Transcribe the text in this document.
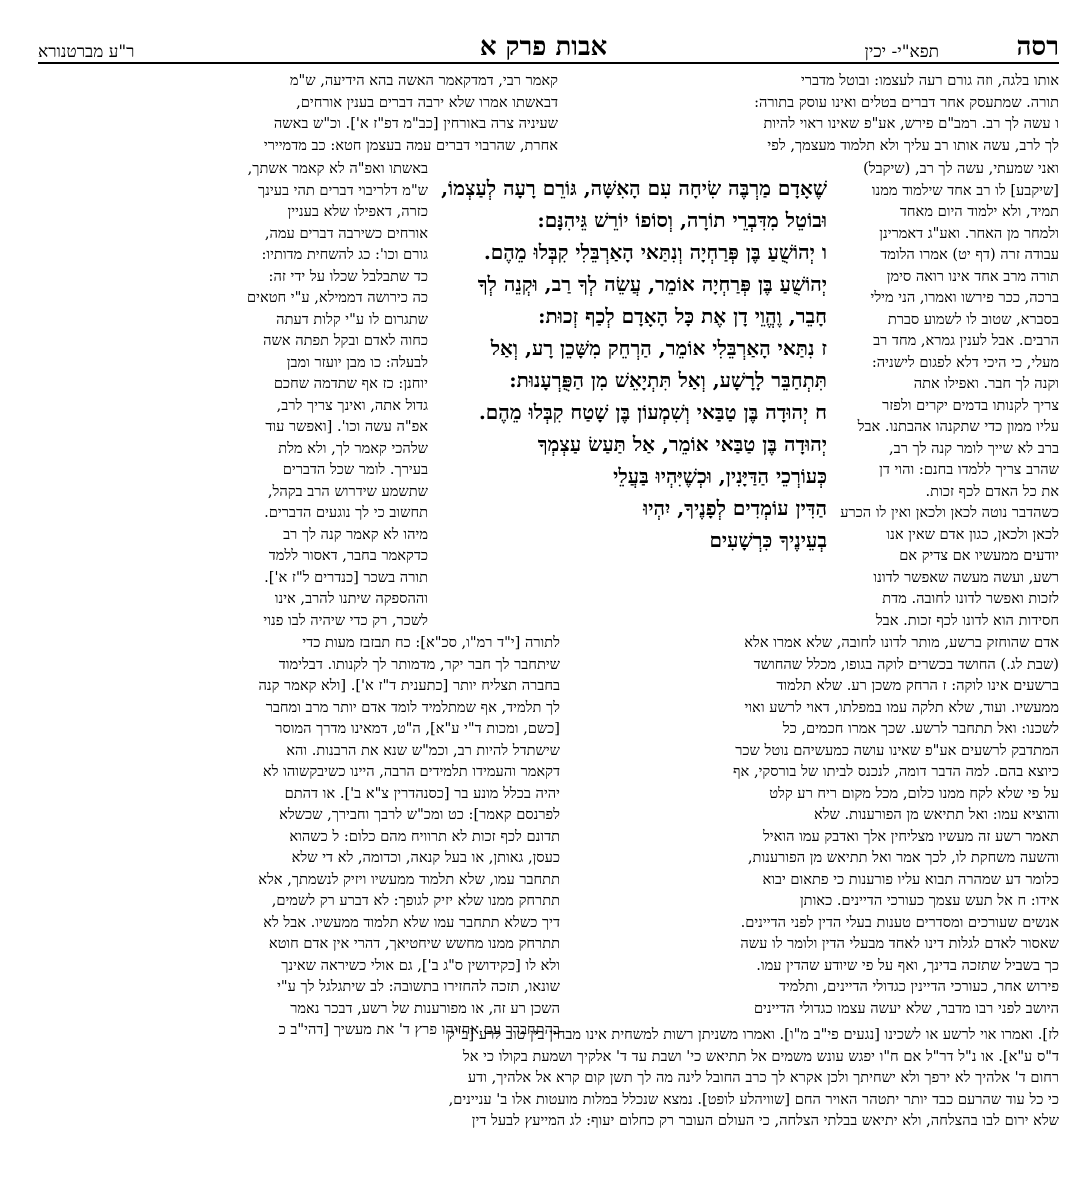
רסה
תפא"י- יכין
אבות פרק א
ר"ע מברטנורא

אותו בלגה, וזה גורם רעה לעצמו: ובוטל מדברי

תורה. שמתעסק אחר דברים בטלים ואינו עוסק בתורה:

ו עשה לך רב. רמב"ם פירש, אע"פ שאינו ראוי להיות

לך לרב, עשה אותו רב עליך ולא תלמוד מעצמך, לפי

ואני שמעתי, עשה לך רב, (שיקבל)

[שיקבע] לו רב אחד שילמוד ממנו

תמיד, ולא ילמוד היום מאחד

ולמחר מן האחר. ואע"ג דאמרינן

עבודה זרה (דף יט) אמרו הלומד

תורה מרב אחד אינו רואה סימן

ברכה, ככר פירשו ואמרו, הני מילי

בסברא, שטוב לו לשמוע סברת

הרבים. אבל לענין גמרא, מחד רב

מעלי, כי היכי דלא לפגום לישניה:

וקנה לך חבר. ואפילו אתה

צריך לקנותו בדמים יקרים ולפזר

עליו ממון כדי שתקנהו אהבתנו. אבל

ברב לא שייך לומר קנה לך רב,

שהרב צריך ללמדו בחנם: והוי דן

את כל האדם לכף זכות.

כשהדבר נוטה לכאן ולכאן ואין לו הכרע

לכאן ולכאן, כגון אדם שאין אנו

יודעים ממעשיו אם צדיק אם

רשע, ועשה מעשה שאפשר לדונו

לזכות ואפשר לדונו לחובה. מדת

חסידות הוא לדונו לכף זכות. אבל

שֶׁאָדָם מַרְבֶּה שִׂיחָה עִם הָאִשָּׁה, גּוֹרֵם רָעָה לְעַצְמוֹ,

וּבוֹטֵל מִדִּבְרֵי תוֹרָה, וְסוֹפוֹ יוֹרֵשׁ גֵּיהִנָּם:

ו יְהוֹשֻׁעַ בֶּן פְּרַחְיָה וְנִתַּאי הָאַרְבֵּלִי קִבְּלוּ מֵהֶם.

יְהוֹשֻׁעַ בֶּן פְּרַחְיָה אוֹמֵר, עֲשֵׂה לְךָ רַב, וּקְנֵה לְךָ

חָבֵר, וֶהֱוֵי דָן אֶת כָּל הָאָדָם לְכַף זְכוּת:

ז נִתַּאי הָאַרְבֵּלִי אוֹמֵר, הַרְחֵק מִשָּׁכֵן רָע, וְאַל

תִּתְחַבֵּר לָרָשָׁע, וְאַל תִּתְיָאֵשׁ מִן הַפֻּרְעָנוּת:

ח יְהוּדָה בֶּן טַבַּאי וְשִׁמְעוֹן בֶּן שָׁטַח קִבְּלוּ מֵהֶם.

יְהוּדָה בֶּן טַבַּאי אוֹמֵר, אַל תַּעַשׂ עַצְמְךָ

כְּעוֹרְכֵי הַדַּיָּנִין, וּכְשֶׁיִּהְיוּ בַּעֲלֵי

הַדִּין עוֹמְדִים לְפָנֶיךָ, יִהְיוּ

בְעֵינֶיךָ כִּרְשָׁעִים

אדם שהוחזק ברשע, מותר לדונו לחובה, שלא אמרו אלא

(שבת לג.) החושד בכשרים לוקה בגופו, מכלל שהחושד

ברשעים אינו לוקה: ז הרחק משכן רע. שלא תלמוד

ממעשיו. ועוד, שלא תלקה עמו במפלתו, דאוי לרשע ואוי

לשכנו: ואל תתחבר לרשע. שכך אמרו חכמים, כל

המתדבק לרשעים אע"פ שאינו עושה כמעשיהם נוטל שכר

כיוצא בהם. למה הדבר דומה, לנכנס לביתו של בורסקי, אף

על פי שלא לקח ממנו כלום, מכל מקום ריח רע קלט

והוציא עמו: ואל תתיאש מן הפורענות. שלא

תאמר רשע זה מעשיו מצליחין אלך ואדבק עמו הואיל

והשעה משחקת לו, לכך אמר ואל תתיאש מן הפורענות,

כלומר דע שמהרה תבוא עליו פורענות כי פתאום יבוא

אידו: ח אל תעש עצמך כעורכי הדיינים. כאותן

אנשים שעורכים ומסדרים טענות בעלי הדין לפני הדיינים.

שאסור לאדם לגלות דינו לאחד מבעלי הדין ולומר לו עשה

כך בשביל שתזכה בדינך, ואף על פי שיודע שהדין עמו.

פירוש אחר, כעורכי הדיינין כגדולי הדיינים, ותלמיד

היושב לפני רבו מדבר, שלא יעשה עצמו כגדולי הדיינים

קאמר רבי, דמדקאמר האשה בהא הידיעה, ש"מ

דבאשתו אמרו שלא ירבה דברים בענין אורחים,

שעיניה צרה באורחין [כב"מ דפ"ז א']. וכ"ש באשה

אחרת, שהרבוי דברים עמה בעצמן חטא: כב מדמיירי

באשתו ואפ"ה לא קאמר אשתך,

ש"מ דלריבוי דברים תהי בעינך

כזרה, דאפילו שלא בעניין

אורחים כשירבה דברים עמה,

גורם וכו': כג להשחית מדותיו:

כד שתבלבל שכלו על ידי זה:

כה כירושה דממילא, ע"י חטאים

שתגרום לו ע"י קלות דעתה

כחוה לאדם ובקל תפתה אשה

לבעלה: כו מבן יועזר ומבן

יוחנן: כז אף שתדמה שחכם

גדול אתה, ואינך צריך לרב,

אפ"ה עשה וכו'. [ואפשר עוד

שלהכי קאמר לך, ולא מלת

בעירך. לומר שכל הדברים

שתשמע שידרוש הרב בקהל,

תחשוב כי לך נוגעים הדברים.

מיהו לא קאמר קנה לך רב

כדקאמר בחבר, דאסור ללמד

תורה בשכר [כנדרים ל"ז א'].

וההספקה שיתנו להרב, אינו

לשכר, רק כדי שיהיה לבו פנוי

לתורה [י"ד רמ"ו, סכ"א]: כח תבזבז מעות כדי

שיתחבר לך חבר יקר, מדמותר לך לקנותו. דבלימוד

בחברה תצליח יותר [כתענית ד"ז א']. [ולא קאמר קנה

לך תלמיד, אף שמתלמיד לומד אדם יותר מרב ומחבר

[כשם, ומכות ד"י ע"א], ה"ט, דמאינו מדרך המוסר

שישתדל להיות רב, וכמ"ש שנא את הרבנות. והא

דקאמר והעמידו תלמידים הרבה, היינו כשיבקשוהו לא

יהיה בכלל מונע בר [כסנהדרין צ"א ב']. או דהתם

לפרנסם קאמר]: כט ומכ"ש לרבך וחבירך, שכשלא

תדונם לכף זכות לא תרוויח מהם כלום: ל כשהוא

כעסן, גאותן, או בעל קנאה, וכדומה, לא די שלא

תתחבר עמו, שלא תלמוד ממעשיו ויזיק לנשמתך, אלא

תתרחק ממנו שלא יזיק לגופך: לא דברע רק לשמים,

דיך כשלא תתחבר עמו שלא תלמוד ממעשיו. אבל לא

תתרחק ממנו מחשש שיחטיאך, דהרי אין אדם חוטא

ולא לו [כקידושין ס"ג ב'], גם אולי כשיראה שאינך

שונאו, תזכה להחזירו בתשובה: לב שיתגלגל לך ע"י

השכן רע זה, או מפורענות של רשע, דבכר נאמר

בהתחברך עם אחזיהו פרץ ד' את מעשיך [דהי"ב כ

לז]. ואמרו אוי לרשע או לשכינו [נגעים פי"ב מ"ו]. ואמרו משניתן רשות למשחית אינו מבחין בין טוב לרע [ב"ק

ד"ס ע"א]. או נ"ל דר"ל אם ח"ו יפגש עונש משמים אל תתיאש כי' ושבת עד ד' אלקיך ושמעת בקולו כי אל

רחום ד' אלהיך לא ירפך ולא ישחיתך ולכן אקרא לך כרב החובל לינה מה לך תשן קום קרא אל אלהיך, ודע

כי כל עוד שהרעם כבד יותר יתטהר האויר החם [שוויהלע לופט]. נמצא שנכלל במלות מועטות אלו ב' עניינים,

שלא ירום לבו בהצלחה, ולא יתיאש בבלתי הצלחה, כי העולם העובר רק כחלום יעוף: לג המייעץ לבעל דין
